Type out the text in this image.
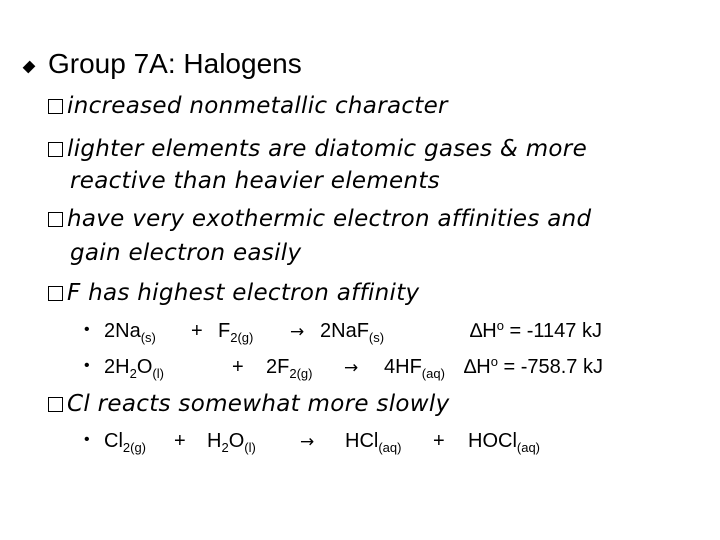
Group 7A: Halogens
increased nonmetallic character
lighter elements are diatomic gases & more
reactive than heavier elements
have very exothermic electron affinities and
gain electron easily
F has highest electron affinity
• $2Na_{(s)} + F_{2(g)} \to 2NaF_{(s)}$	$\Delta H^o = -1147$ kJ
• $2H_2O_{(l)}$	+ $2F_{2(g)} \to 4HF_{(aq)}$ $\Delta H^o = -758.7$ kJ
Cl reacts somewhat more slowly
• $Cl_{2(g)} + H_2O_{(l)}$	→ HCl$_{(aq)}$ + HOCl$_{(aq)}$
